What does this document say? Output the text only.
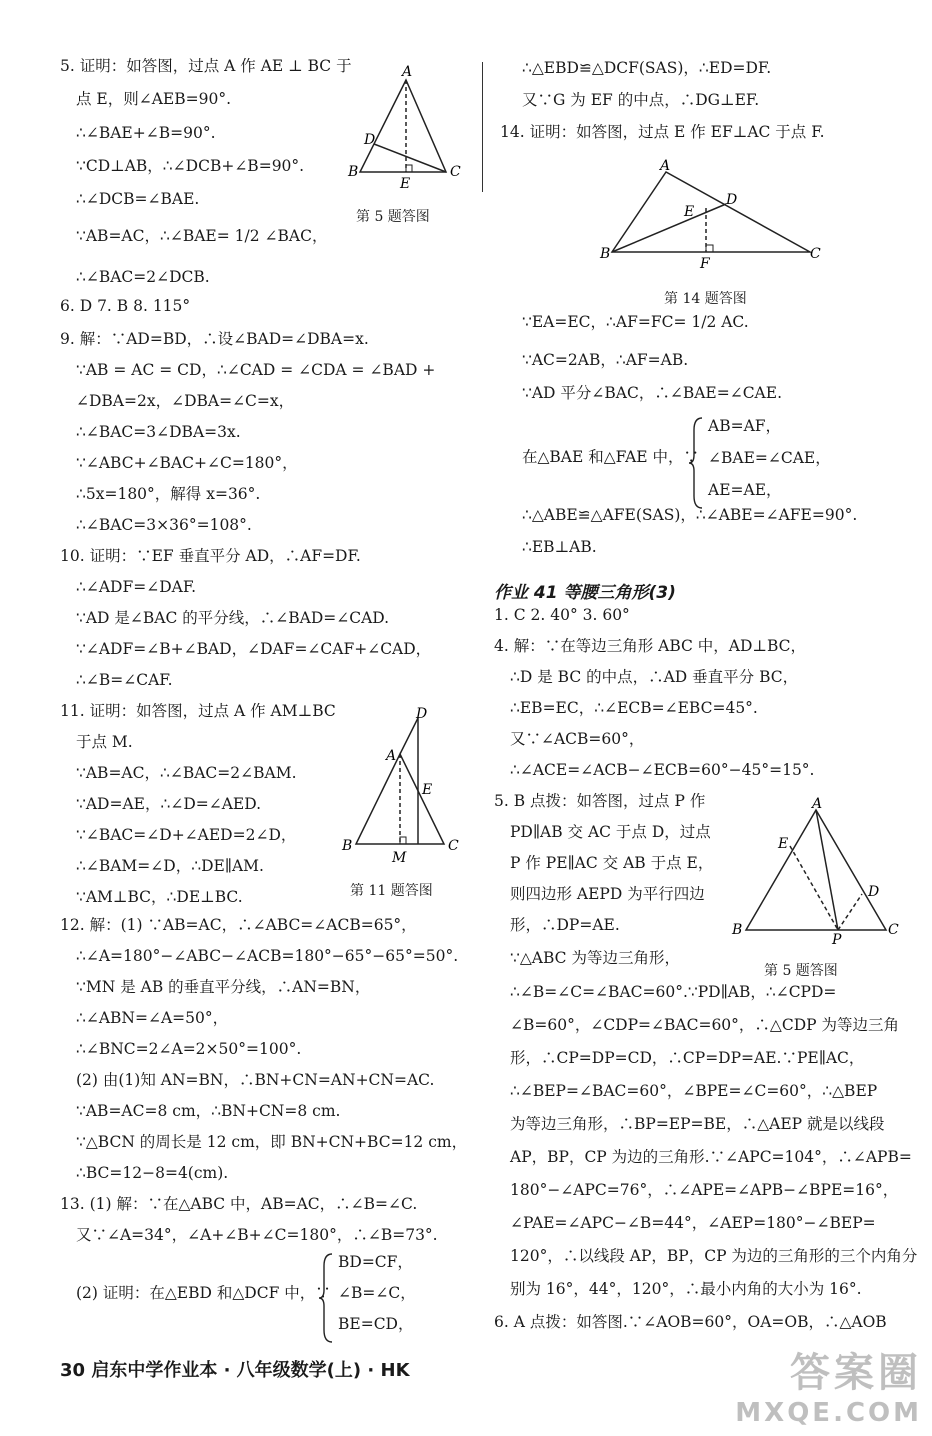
A
B	C
D
E
A
B	C
D
E
M
A
B	C
D
E
F
A
B	C
D
E
P
第 5 题答图
第 11 题答图
第 14 题答图
第 5 题答图
作业 41 等腰三角形(3)
30 启东中学作业本 · 八年级数学(上) · HK	答案圈
MXQE.COM
5. 证明：如答图，过点 A 作 AE ⊥ BC 于
点 E，则∠AEB=90°.
∴∠BAE+∠B=90°.
∵CD⊥AB，∴∠DCB+∠B=90°.
∴∠DCB=∠BAE.
∵AB=AC，∴∠BAE= 1/2 ∠BAC，
∴∠BAC=2∠DCB.
6. D 7. B 8. 115°
9. 解：∵AD=BD，∴设∠BAD=∠DBA=x.
∵AB = AC = CD，∴∠CAD = ∠CDA = ∠BAD +
∠DBA=2x，∠DBA=∠C=x，
∴∠BAC=3∠DBA=3x.
∵∠ABC+∠BAC+∠C=180°，
∴5x=180°，解得 x=36°.
∴∠BAC=3×36°=108°.
10. 证明：∵EF 垂直平分 AD，∴AF=DF.
∴∠ADF=∠DAF.
∵AD 是∠BAC 的平分线，∴∠BAD=∠CAD.
∵∠ADF=∠B+∠BAD，∠DAF=∠CAF+∠CAD，
∴∠B=∠CAF.
11. 证明：如答图，过点 A 作 AM⊥BC
于点 M.
∵AB=AC，∴∠BAC=2∠BAM.
∵AD=AE，∴∠D=∠AED.
∵∠BAC=∠D+∠AED=2∠D，
∴∠BAM=∠D，∴DE∥AM.
∵AM⊥BC，∴DE⊥BC.
12. 解：(1) ∵AB=AC，∴∠ABC=∠ACB=65°，
∴∠A=180°−∠ABC−∠ACB=180°−65°−65°=50°.
∵MN 是 AB 的垂直平分线，∴AN=BN，
∴∠ABN=∠A=50°，
∴∠BNC=2∠A=2×50°=100°.
(2) 由(1)知 AN=BN，∴BN+CN=AN+CN=AC.
∵AB=AC=8 cm，∴BN+CN=8 cm.
∵△BCN 的周长是 12 cm，即 BN+CN+BC=12 cm，
∴BC=12−8=4(cm).
13. (1) 解：∵在△ABC 中，AB=AC，∴∠B=∠C.
又∵∠A=34°，∠A+∠B+∠C=180°，∴∠B=73°.
(2) 证明：在△EBD 和△DCF 中，∵
BD=CF，
∠B=∠C，
BE=CD，
∴△EBD≌△DCF(SAS)，∴ED=DF.
又∵G 为 EF 的中点，∴DG⊥EF.
14. 证明：如答图，过点 E 作 EF⊥AC 于点 F.
∵EA=EC，∴AF=FC= 1/2 AC.
∵AC=2AB，∴AF=AB.
∵AD 平分∠BAC，∴∠BAE=∠CAE.
在△BAE 和△FAE 中，∵
∴△ABE≌△AFE(SAS)，∴∠ABE=∠AFE=90°.
∴EB⊥AB.
1. C 2. 40° 3. 60°
4. 解：∵在等边三角形 ABC 中，AD⊥BC，
∴D 是 BC 的中点，∴AD 垂直平分 BC，
∴EB=EC，∴∠ECB=∠EBC=45°.
又∵∠ACB=60°，
∴∠ACE=∠ACB−∠ECB=60°−45°=15°.
5. B 点拨：如答图，过点 P 作
PD∥AB 交 AC 于点 D，过点
P 作 PE∥AC 交 AB 于点 E，
则四边形 AEPD 为平行四边
形，∴DP=AE.
∵△ABC 为等边三角形，
∴∠B=∠C=∠BAC=60°.∵PD∥AB，∴∠CPD=
∠B=60°，∠CDP=∠BAC=60°，∴△CDP 为等边三角
形，∴CP=DP=CD，∴CP=DP=AE.∵PE∥AC，
∴∠BEP=∠BAC=60°，∠BPE=∠C=60°，∴△BEP
为等边三角形，∴BP=EP=BE，∴△AEP 就是以线段
AP，BP，CP 为边的三角形.∵∠APC=104°，∴∠APB=
180°−∠APC=76°，∴∠APE=∠APB−∠BPE=16°，
∠PAE=∠APC−∠B=44°，∠AEP=180°−∠BEP=
120°，∴以线段 AP，BP，CP 为边的三角形的三个内角分
别为 16°，44°，120°，∴最小内角的大小为 16°.
6. A 点拨：如答图.∵∠AOB=60°，OA=OB，∴△AOB
AB=AF，
∠BAE=∠CAE，
AE=AE，
